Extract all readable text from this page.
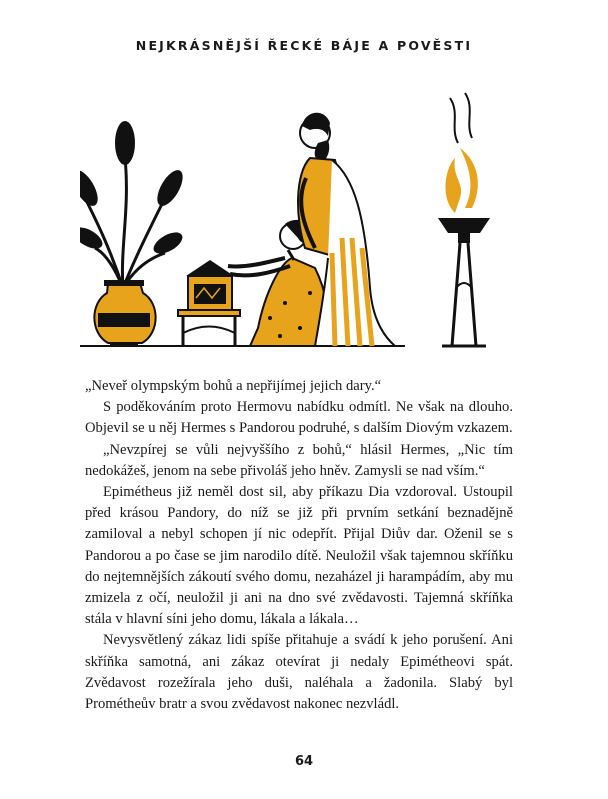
NEJKRÁSNĚJŠÍ ŘECKÉ BÁJE A POVĚSTI

„Neveř olympským bohů a nepřijímej jejich dary.“

S poděkováním proto Hermovu nabídku odmítl. Ne však na dlouho. Objevil se u něj Hermes s Pandorou podruhé, s dalším Diovým vzkazem.

„Nevzpírej se vůli nejvyššího z bohů,“ hlásil Hermes, „Nic tím nedokážeš, jenom na sebe přivoláš jeho hněv. Zamysli se nad vším.“

Epimétheus již neměl dost sil, aby příkazu Dia vzdoroval. Ustoupil před krásou Pandory, do níž se již při prvním setkání beznadějně zamiloval a nebyl schopen jí nic odepřít. Přijal Diův dar. Oženil se s Pandorou a po čase se jim narodilo dítě. Neuložil však tajemnou skříňku do nejtemnějších zákoutí svého domu, nezaházel ji harampádím, aby mu zmizela z očí, neuložil ji ani na dno své zvědavosti. Tajemná skříňka stála v hlavní síni jeho domu, lákala a lákala…

Nevysvětlený zákaz lidi spíše přitahuje a svádí k jeho porušení. Ani skříňka samotná, ani zákaz otevírat ji nedaly Epimétheovi spát. Zvědavost rozežírala jeho duši, naléhala a žadonila. Slabý byl Prométheův bratr a svou zvědavost nakonec nezvládl.

64
